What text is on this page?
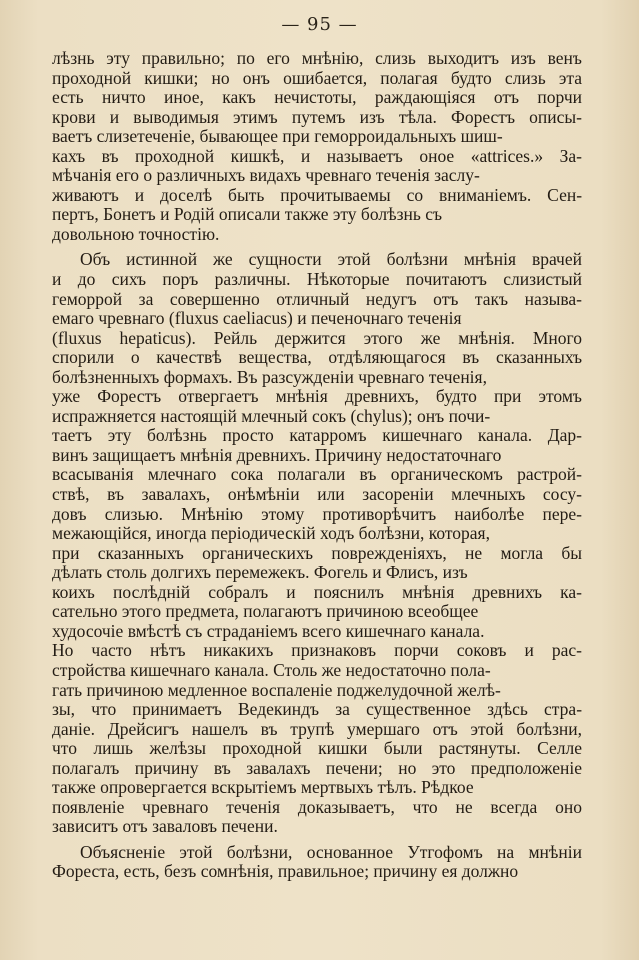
— 95 —
лѣзнь эту правильно; по его мнѣнію, слизь выходитъ изъ венъ
проходной кишки; но онъ ошибается, полагая будто слизь эта
есть ничто иное, какъ нечистоты, раждающіяся отъ порчи
крови и выводимыя этимъ путемъ изъ тѣла. Форестъ описы-
ваетъ слизетеченіе, бывающее при геморроидальныхъ шиш-
кахъ въ проходной кишкѣ, и называетъ оное «attrices.» За-
мѣчанія его о различныхъ видахъ чревнаго теченія заслу-
живаютъ и доселѣ быть прочитываемы со вниманіемъ. Сен-
пертъ, Бонетъ и Родій описали также эту болѣзнь съ
довольною точностію.
Объ истинной же сущности этой болѣзни мнѣнія врачей
и до сихъ поръ различны. Нѣкоторые почитаютъ слизистый
геморрой за совершенно отличный недугъ отъ такъ называ-
емаго чревнаго (fluxus caeliacus) и печеночнаго теченія
(fluxus hepaticus). Рейль держится этого же мнѣнія. Много
спорили о качествѣ вещества, отдѣляющагося въ сказанныхъ
болѣзненныхъ формахъ. Въ разсужденіи чревнаго теченія,
уже Форестъ отвергаетъ мнѣнія древнихъ, будто при этомъ
испражняется настоящій млечный сокъ (chylus); онъ почи-
таетъ эту болѣзнь просто катарромъ кишечнаго канала. Дар-
винъ защищаетъ мнѣнія древнихъ. Причину недостаточнаго
всасыванія млечнаго сока полагали въ органическомъ растрой-
ствѣ, въ завалахъ, онѣмѣніи или засореніи млечныхъ сосу-
довъ слизью. Мнѣнію этому противорѣчитъ наиболѣе пере-
межающійся, иногда періодическій ходъ болѣзни, которая,
при сказанныхъ органическихъ поврежденіяхъ, не могла бы
дѣлать столь долгихъ перемежекъ. Фогель и Флисъ, изъ
коихъ послѣдній собралъ и пояснилъ мнѣнія древнихъ ка-
сательно этого предмета, полагаютъ причиною всеобщее
худосочіе вмѣстѣ съ страданіемъ всего кишечнаго канала.
Но часто нѣтъ никакихъ признаковъ порчи соковъ и рас-
стройства кишечнаго канала. Столь же недостаточно пола-
гать причиною медленное воспаленіе поджелудочной желѣ-
зы, что принимаетъ Ведекиндъ за существенное здѣсь стра-
даніе. Дрейсигъ нашелъ въ трупѣ умершаго отъ этой болѣзни,
что лишь желѣзы проходной кишки были растянуты. Селле
полагалъ причину въ завалахъ печени; но это предположеніе
также опровергается вскрытіемъ мертвыхъ тѣлъ. Рѣдкое
появленіе чревнаго теченія доказываетъ, что не всегда оно
зависитъ отъ заваловъ печени.
Объясненіе этой болѣзни, основанное Утгофомъ на мнѣніи
Фореста, есть, безъ сомнѣнія, правильное; причину ея должно
